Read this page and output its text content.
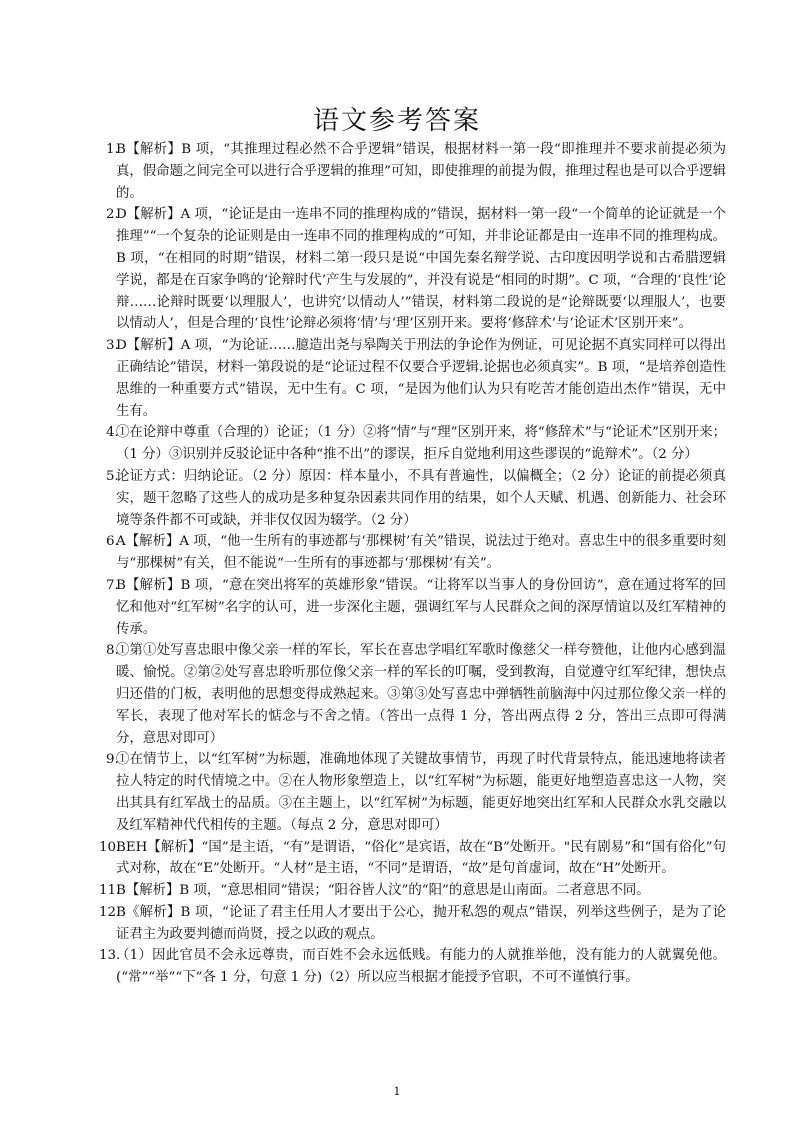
语文参考答案
1.
B【解析】B 项，“其推理过程必然不合乎逻辑”错误，根据材料一第一段“即推理并不要求前提必须为真，假命题之间完全可以进行合乎逻辑的推理”可知，即使推理的前提为假，推理过程也是可以合乎逻辑的。
2.
D【解析】A 项，“论证是由一连串不同的推理构成的”错误，据材料一第一段“一个简单的论证就是一个推理”“一个复杂的论证则是由一连串不同的推理构成的”可知，并非论证都是由一连串不同的推理构成。B 项，“在相同的时期”错误，材料二第一段只是说“中国先秦名辩学说、古印度因明学说和古希腊逻辑学说，都是在百家争鸣的‘论辩时代’产生与发展的”，并没有说是“相同的时期”。C 项，“合理的‘良性’论辩……论辩时既要‘以理服人’，也讲究‘以情动人’”错误，材料第二段说的是“论辩既要‘以理服人’，也要以情动人’，但是合理的‘良性’论辩必须将‘情’与‘理’区别开来。要将‘修辞术’与‘论证术’区别开来”。
3.
D【解析】A 项，“为论证……臆造出尧与皋陶关于刑法的争论作为例证，可见论据不真实同样可以得出正确结论”错误，材料一第段说的是“论证过程不仅要合乎逻辑.论据也必须真实”。B 项，“是培养创造性思维的一种重要方式”错误，无中生有。C 项，“是因为他们认为只有吃苦才能创造出杰作”错误，无中生有。
4.
①在论辩中尊重（合理的）论证；（1 分）②将“情”与“理”区别开来，将“修辞术”与“论证术”区别开来；（1 分）③识别并反驳论证中各种“推不出”的谬误，拒斥自觉地利用这些谬误的“诡辩术”。（2 分）
5.
论证方式：归纳论证。（2 分）原因：样本量小，不具有普遍性，以偏概全；（2 分）论证的前提必须真实，题干忽略了这些人的成功是多种复杂因素共同作用的结果，如个人天赋、机遇、创新能力、社会环境等条件都不可或缺，并非仅仅因为辍学。（2 分）
6.
A【解析】A 项，“他一生所有的事迹都与‘那棵树’有关”错误，说法过于绝对。喜忠生中的很多重要时刻与“那棵树”有关，但不能说“一生所有的事迹都与‘那棵树’有关”。
7.
B【解析】B 项，“意在突出将军的英雄形象”错误。“让将军以当事人的身份回访”，意在通过将军的回忆和他对“红军树”名字的认可，进一步深化主题，强调红军与人民群众之间的深厚情谊以及红军精神的传承。
8.
①第①处写喜忠眼中像父亲一样的军长，军长在喜忠学唱红军歌时像慈父一样夸赞他，让他内心感到温暖、愉悦。②第②处写喜忠聆听那位像父亲一样的军长的叮嘱，受到教海，自觉遵守红军纪律，想快点归还借的门板，表明他的思想变得成熟起来。③第③处写喜忠中弹牺牲前脑海中闪过那位像父亲一样的军长，表现了他对军长的惦念与不舍之情。（答出一点得 1 分，答出两点得 2 分，答出三点即可得满分，意思对即可）
9.
①在情节上，以“红军树”为标题，准确地体现了关键故事情节，再现了时代背景特点，能迅速地将读者拉人特定的时代情境之中。②在人物形象塑造上，以“红军树”为标题，能更好地塑造喜忠这一人物，突出其具有红军战士的品质。③在主题上，以“红军树”为标题，能更好地突出红军和人民群众水乳交融以及红军精神代代相传的主题。（每点 2 分，意思对即可）
10.
BEH【解析】“国”是主语，“有”是谓语，“俗化”是宾语，故在“B”处断开。"民有剧易”和“国有俗化”句式对称，故在“E”处断开。“人材”是主语，“不同”是谓语，“故”是句首虚词，故在“H”处断开。
11.
B【解析】B 项，“意思相同”错误；“阳谷皆人汶”的“阳”的意思是山南面。二者意思不同。
12.
B《解析】B 项，“论证了君主任用人才要出于公心，抛开私怨的观点”错误，列举这些例子，是为了论证君主为政要判德而尚贤，授之以政的观点。
13.
（1）因此官员不会永远尊贵，而百姓不会永远低贱。有能力的人就推举他，没有能力的人就翼免他。(“常”“举”“下”各 1 分，句意 1 分)（2）所以应当根据才能授予官职，不可不谨慎行事。
1
